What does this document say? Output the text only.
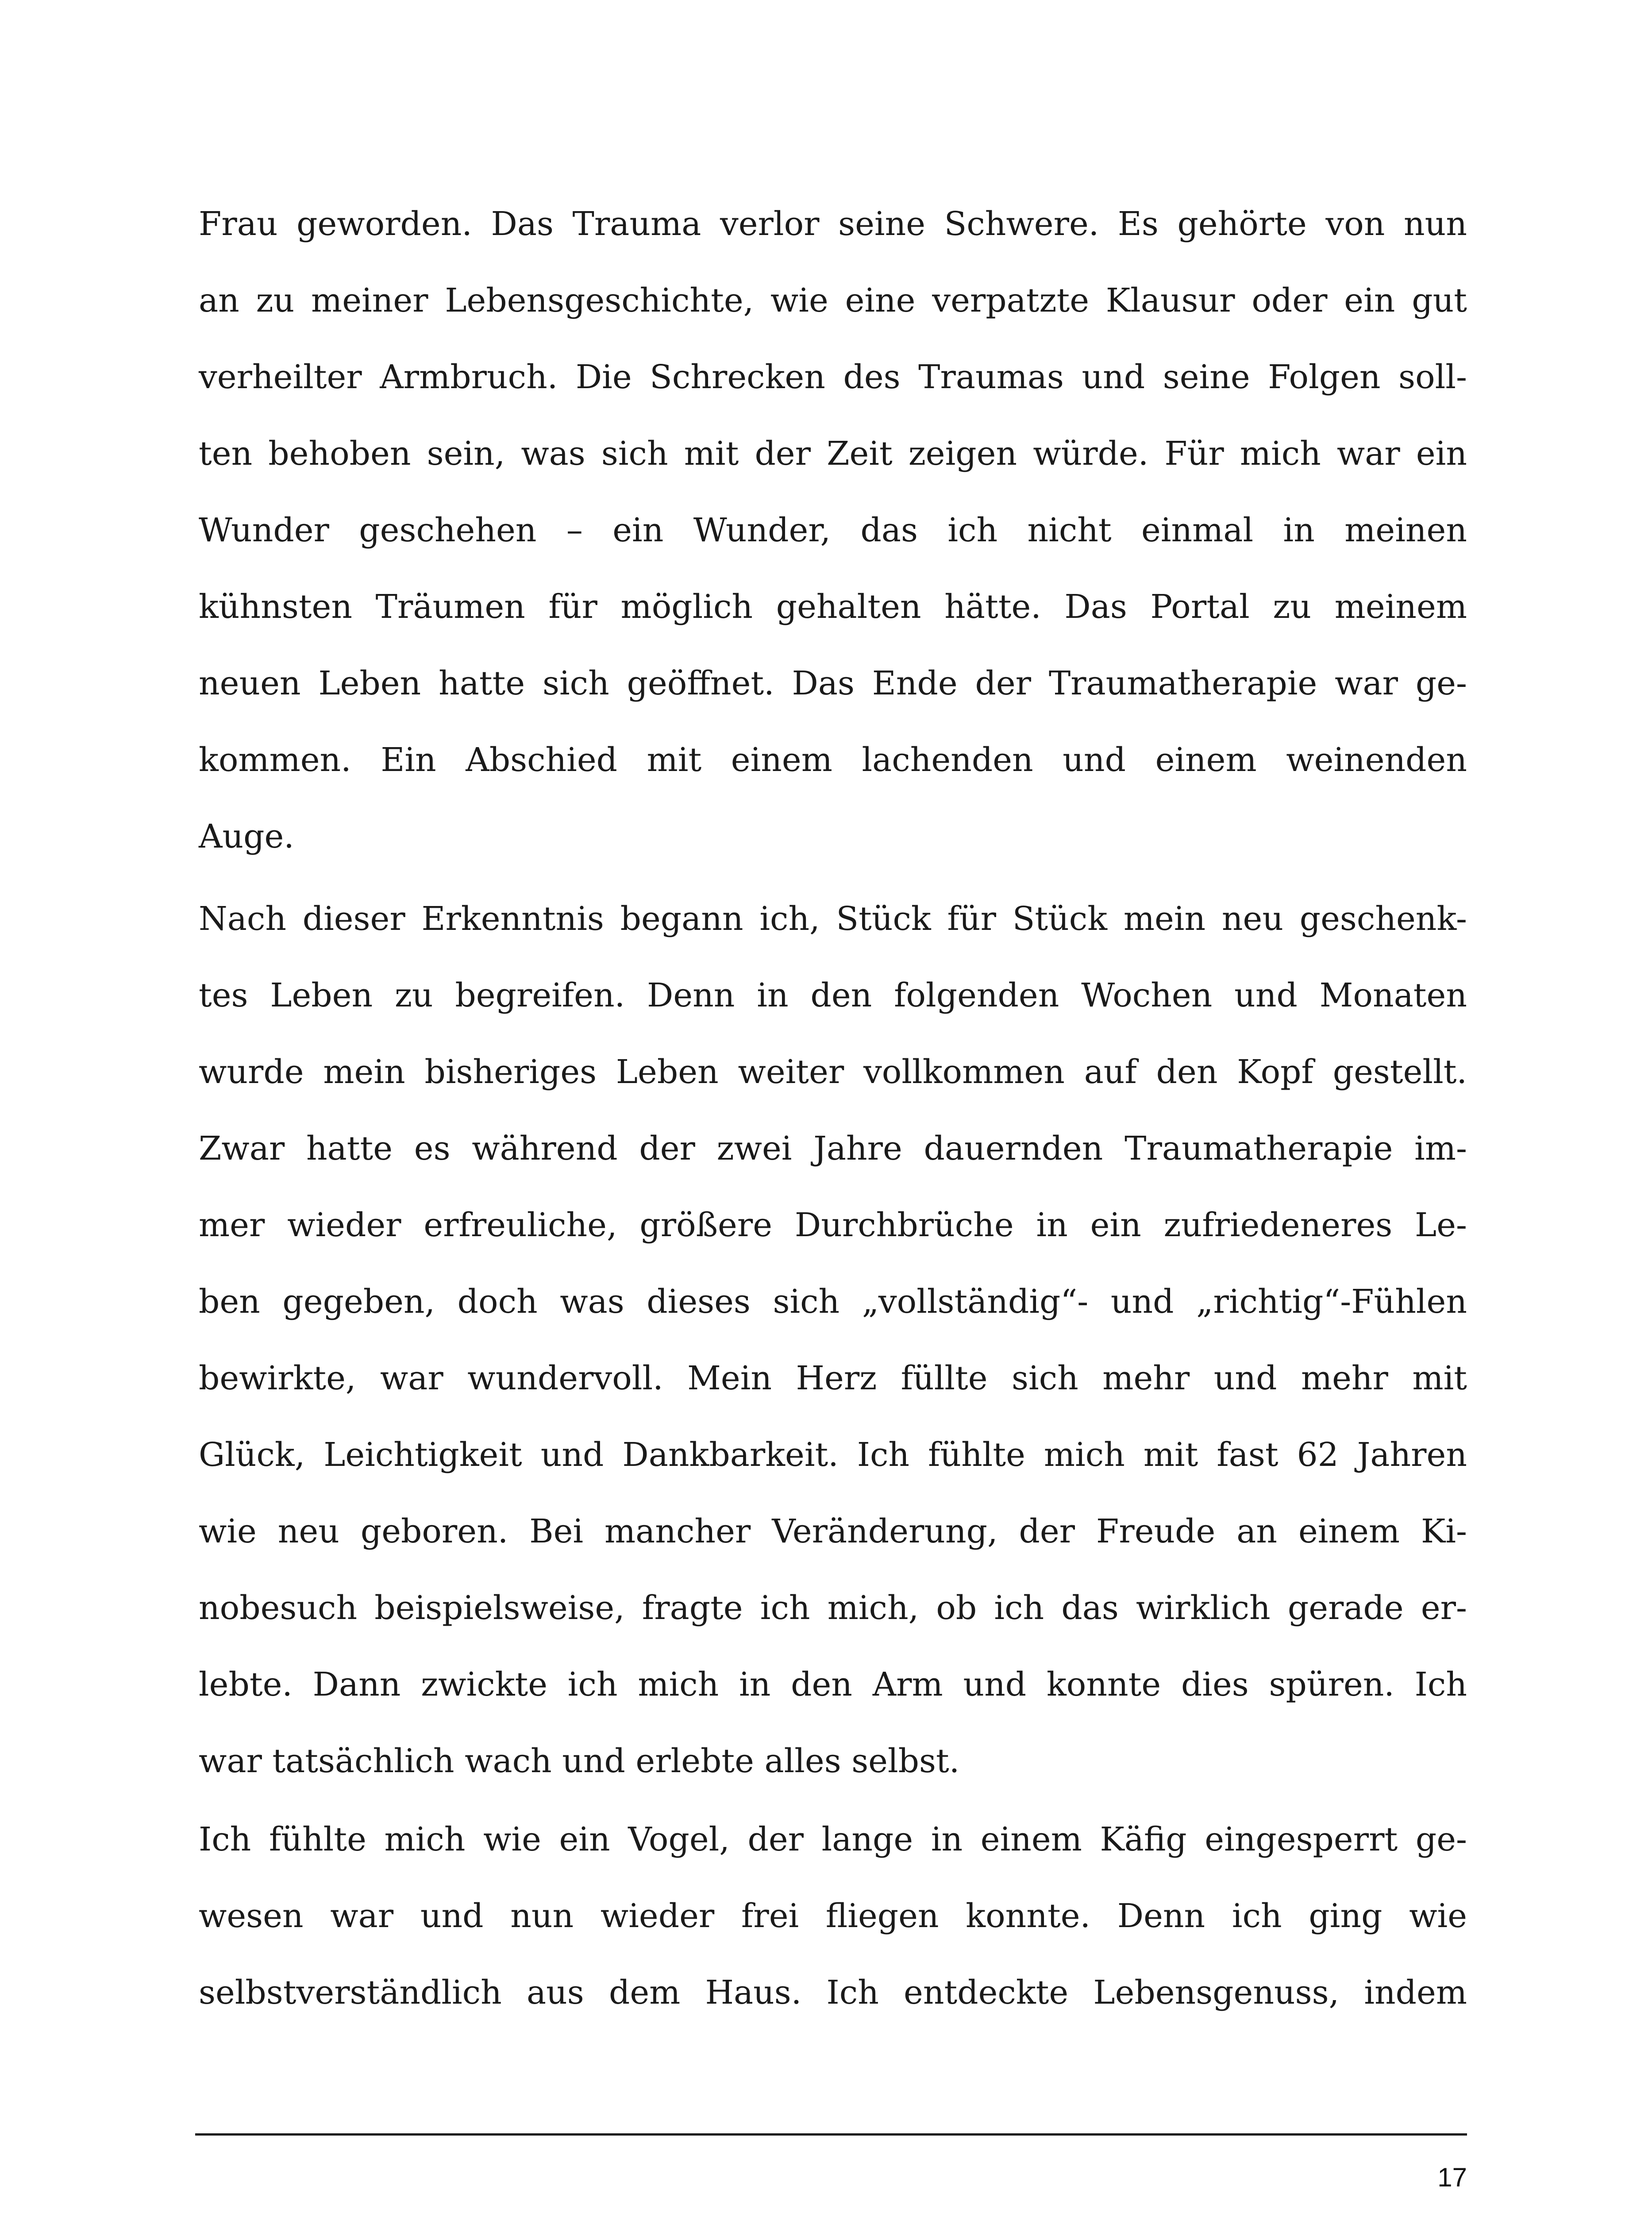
Frau geworden. Das Trauma verlor seine Schwere. Es gehörte von nun
an zu meiner Lebensgeschichte, wie eine verpatzte Klausur oder ein gut
verheilter Armbruch. Die Schrecken des Traumas und seine Folgen soll-
ten behoben sein, was sich mit der Zeit zeigen würde. Für mich war ein
Wunder geschehen – ein Wunder, das ich nicht einmal in meinen
kühnsten Träumen für möglich gehalten hätte. Das Portal zu meinem
neuen Leben hatte sich geöffnet. Das Ende der Traumatherapie war ge-
kommen. Ein Abschied mit einem lachenden und einem weinenden
Auge.
Nach dieser Erkenntnis begann ich, Stück für Stück mein neu geschenk-
tes Leben zu begreifen. Denn in den folgenden Wochen und Monaten
wurde mein bisheriges Leben weiter vollkommen auf den Kopf gestellt.
Zwar hatte es während der zwei Jahre dauernden Traumatherapie im-
mer wieder erfreuliche, größere Durchbrüche in ein zufriedeneres Le-
ben gegeben, doch was dieses sich „vollständig“- und „richtig“-Fühlen
bewirkte, war wundervoll. Mein Herz füllte sich mehr und mehr mit
Glück, Leichtigkeit und Dankbarkeit. Ich fühlte mich mit fast 62 Jahren
wie neu geboren. Bei mancher Veränderung, der Freude an einem Ki-
nobesuch beispielsweise, fragte ich mich, ob ich das wirklich gerade er-
lebte. Dann zwickte ich mich in den Arm und konnte dies spüren. Ich
war tatsächlich wach und erlebte alles selbst.
Ich fühlte mich wie ein Vogel, der lange in einem Käfig eingesperrt ge-
wesen war und nun wieder frei fliegen konnte. Denn ich ging wie
selbstverständlich aus dem Haus. Ich entdeckte Lebensgenuss, indem
17
